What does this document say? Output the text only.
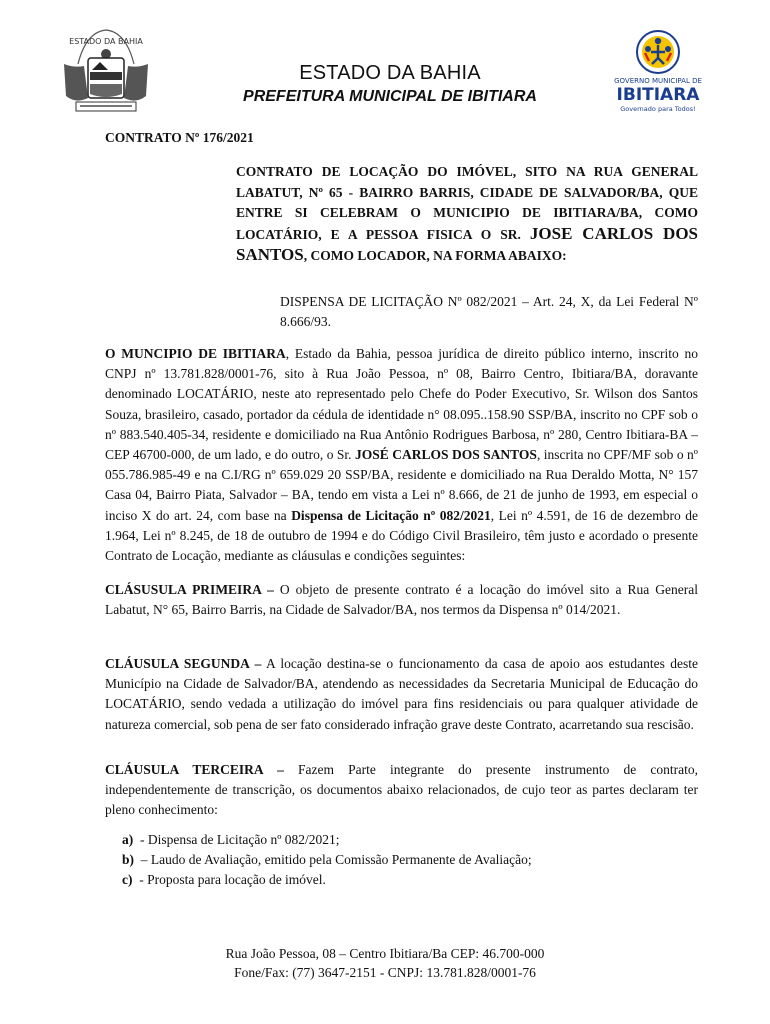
ESTADO DA BAHIA
GOVERNO MUNICIPAL DE
IBITIARA
Governado para Todos!
ESTADO DA BAHIA
PREFEITURA MUNICIPAL DE IBITIARA
CONTRATO Nº 176/2021
CONTRATO DE LOCAÇÃO DO IMÓVEL, SITO NA RUA GENERAL LABATUT, Nº 65 - BAIRRO BARRIS, CIDADE DE SALVADOR/BA, QUE ENTRE SI CELEBRAM O MUNICIPIO DE IBITIARA/BA, COMO LOCATÁRIO, E A PESSOA FISICA O SR. JOSE CARLOS DOS SANTOS, COMO LOCADOR, NA FORMA ABAIXO:
DISPENSA DE LICITAÇÃO Nº 082/2021 – Art. 24, X, da Lei Federal Nº 8.666/93.
O MUNCIPIO DE IBITIARA, Estado da Bahia, pessoa jurídica de direito público interno, inscrito no CNPJ nº 13.781.828/0001-76, sito à Rua João Pessoa, nº 08, Bairro Centro, Ibitiara/BA, doravante denominado LOCATÁRIO, neste ato representado pelo Chefe do Poder Executivo, Sr. Wilson dos Santos Souza, brasileiro, casado, portador da cédula de identidade n° 08.095..158.90 SSP/BA, inscrito no CPF sob o nº 883.540.405-34, residente e domiciliado na Rua Antônio Rodrigues Barbosa, nº 280, Centro Ibitiara-BA – CEP 46700-000, de um lado, e do outro, o Sr. JOSÉ CARLOS DOS SANTOS, inscrita no CPF/MF sob o nº 055.786.985-49 e na C.I/RG nº 659.029 20 SSP/BA, residente e domiciliado na Rua Deraldo Motta, N° 157 Casa 04, Bairro Piata, Salvador – BA, tendo em vista a Lei nº 8.666, de 21 de junho de 1993, em especial o inciso X do art. 24, com base na Dispensa de Licitação nº 082/2021, Lei nº 4.591, de 16 de dezembro de 1.964, Lei nº 8.245, de 18 de outubro de 1994 e do Código Civil Brasileiro, têm justo e acordado o presente Contrato de Locação, mediante as cláusulas e condições seguintes:
CLÁSUSULA PRIMEIRA – O objeto de presente contrato é a locação do imóvel sito a Rua General Labatut, N° 65, Bairro Barris, na Cidade de Salvador/BA, nos termos da Dispensa nº 014/2021.
CLÁUSULA SEGUNDA – A locação destina-se o funcionamento da casa de apoio aos estudantes deste Município na Cidade de Salvador/BA, atendendo as necessidades da Secretaria Municipal de Educação do LOCATÁRIO, sendo vedada a utilização do imóvel para fins residenciais ou para qualquer atividade de natureza comercial, sob pena de ser fato considerado infração grave deste Contrato, acarretando sua rescisão.
CLÁUSULA TERCEIRA – Fazem Parte integrante do presente instrumento de contrato, independentemente de transcrição, os documentos abaixo relacionados, de cujo teor as partes declaram ter pleno conhecimento:
a)  - Dispensa de Licitação nº 082/2021;
b)  – Laudo de Avaliação, emitido pela Comissão Permanente de Avaliação;
c)  - Proposta para locação de imóvel.
Rua João Pessoa, 08 – Centro Ibitiara/Ba CEP: 46.700-000
Fone/Fax: (77) 3647-2151 - CNPJ: 13.781.828/0001-76
